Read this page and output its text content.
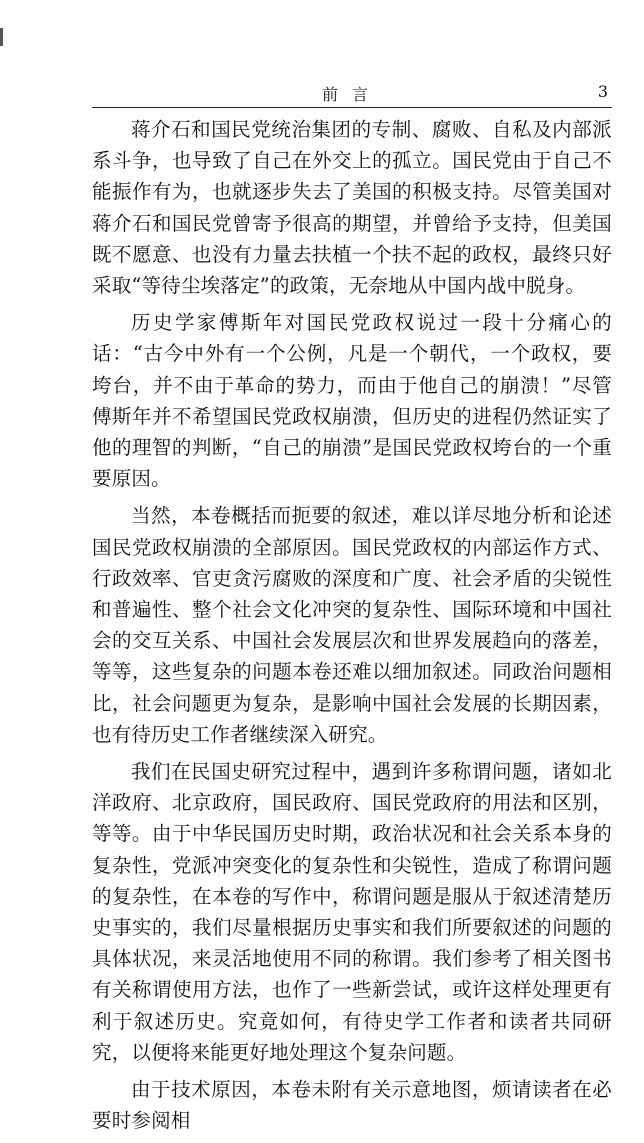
前言	3

蒋介石和国民党统治集团的专制、腐败、自私及内部派系斗争，也导致了自己在外交上的孤立。国民党由于自己不能振作有为，也就逐步失去了美国的积极支持。尽管美国对蒋介石和国民党曾寄予很高的期望，并曾给予支持，但美国既不愿意、也没有力量去扶植一个扶不起的政权，最终只好采取“等待尘埃落定”的政策，无奈地从中国内战中脱身。

历史学家傅斯年对国民党政权说过一段十分痛心的话：“古今中外有一个公例，凡是一个朝代，一个政权，要垮台，并不由于革命的势力，而由于他自己的崩溃！”尽管傅斯年并不希望国民党政权崩溃，但历史的进程仍然证实了他的理智的判断，“自己的崩溃”是国民党政权垮台的一个重要原因。

当然，本卷概括而扼要的叙述，难以详尽地分析和论述国民党政权崩溃的全部原因。国民党政权的内部运作方式、行政效率、官吏贪污腐败的深度和广度、社会矛盾的尖锐性和普遍性、整个社会文化冲突的复杂性、国际环境和中国社会的交互关系、中国社会发展层次和世界发展趋向的落差，等等，这些复杂的问题本卷还难以细加叙述。同政治问题相比，社会问题更为复杂，是影响中国社会发展的长期因素，也有待历史工作者继续深入研究。

我们在民国史研究过程中，遇到许多称谓问题，诸如北洋政府、北京政府，国民政府、国民党政府的用法和区别，等等。由于中华民国历史时期，政治状况和社会关系本身的复杂性，党派冲突变化的复杂性和尖锐性，造成了称谓问题的复杂性，在本卷的写作中，称谓问题是服从于叙述清楚历史事实的，我们尽量根据历史事实和我们所要叙述的问题的具体状况，来灵活地使用不同的称谓。我们参考了相关图书有关称谓使用方法，也作了一些新尝试，或许这样处理更有利于叙述历史。究竟如何，有待史学工作者和读者共同研究，以便将来能更好地处理这个复杂问题。

由于技术原因，本卷未附有关示意地图，烦请读者在必要时参阅相
